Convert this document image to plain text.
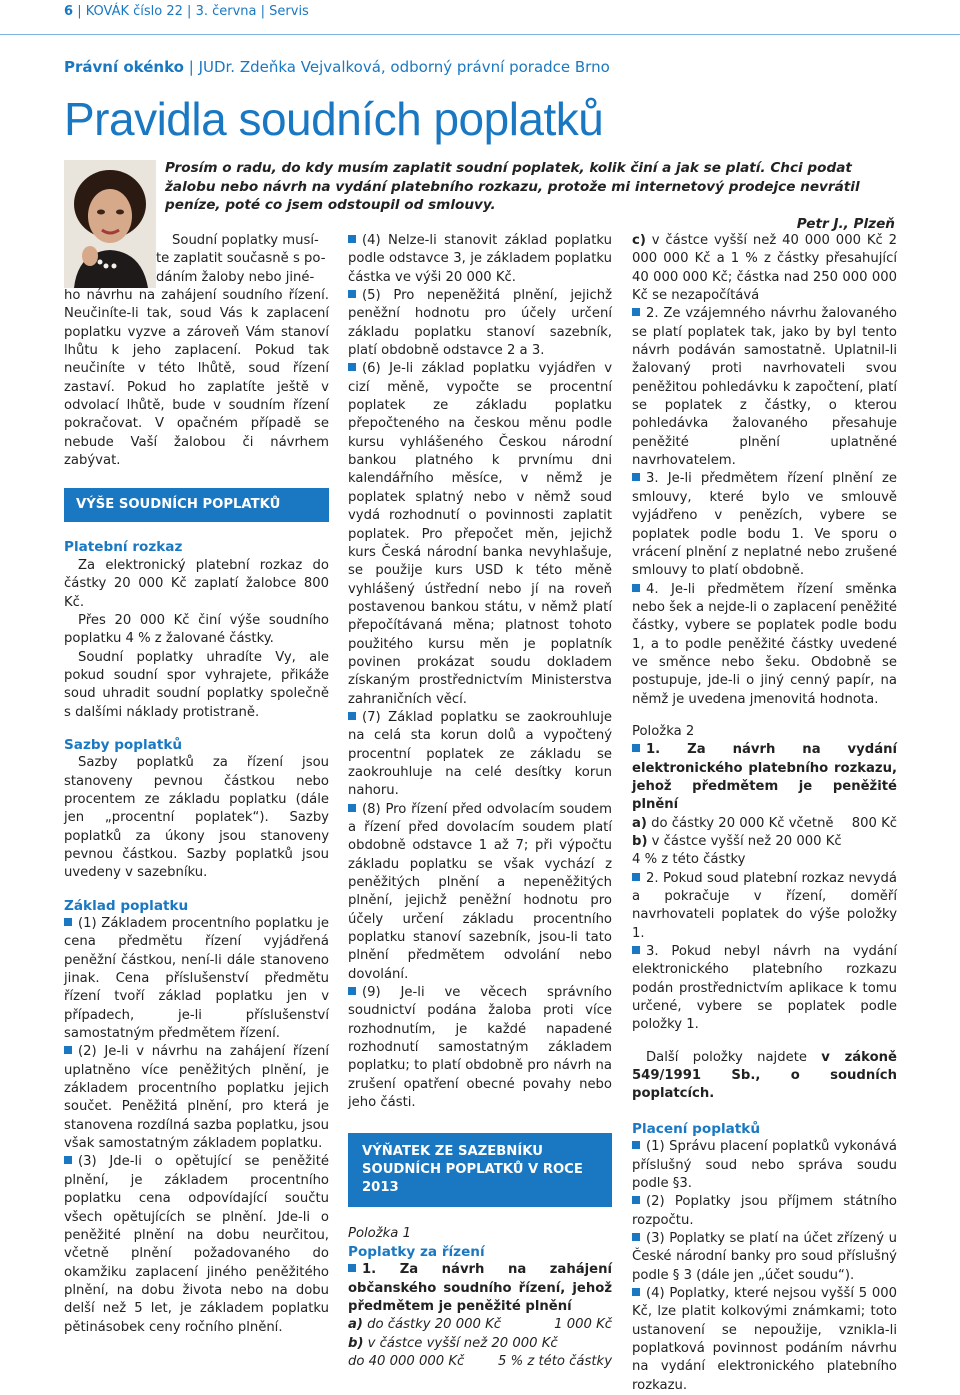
6 | KOVÁK číslo 22 | 3. června | Servis
Právní okénko | JUDr. Zdeňka Vejvalková, odborný právní poradce Brno
Pravidla soudních poplatků
Prosím o radu, do kdy musím zaplatit soudní poplatek, kolik činí a jak se platí. Chci podat žalobu nebo návrh na vydání platebního rozkazu, protože mi internetový prodejce nevrátil peníze, poté co jsem odstoupil od smlouvy.
Petr J., Plzeň

Soudní poplatky musí-

te zaplatit současně s po-

dáním žaloby nebo jiné-

ho návrhu na zahájení soudního řízení. Neučiníte-li tak, soud Vás k zaplacení poplatku vyzve a zároveň Vám stanoví lhůtu k jeho zaplacení. Pokud tak neučiníte v této lhůtě, soud řízení zastaví. Pokud ho zaplatíte ještě v odvolací lhůtě, bude v soudním řízení pokračovat. V opačném případě se nebude Vaší žalobou či návrhem zabývat.

VÝŠE SOUDNÍCH POPLATKŮ

Platební rozkaz

Za elektronický platební rozkaz do částky 20 000 Kč zaplatí žalobce 800 Kč.

Přes 20 000 Kč činí výše soudního poplatku 4 % z žalované částky.

Soudní poplatky uhradíte Vy, ale pokud soudní spor vyhrajete, přikáže soud uhradit soudní poplatky společně s dalšími náklady protistraně.

Sazby poplatků

Sazby poplatků za řízení jsou stanoveny pevnou částkou nebo procentem ze základu poplatku (dále jen „procentní poplatek“). Sazby poplatků za úkony jsou stanoveny pevnou částkou. Sazby poplatků jsou uvedeny v sazebníku.

Základ poplatku

(1) Základem procentního poplatku je cena předmětu řízení vyjádřená peněžní částkou, není-li dále stanoveno jinak. Cena příslušenství předmětu řízení tvoří základ poplatku jen v případech, je-li příslušenství samostatným předmětem řízení.

(2) Je-li v návrhu na zahájení řízení uplatněno více peněžitých plnění, je základem procentního poplatku jejich součet. Peněžitá plnění, pro která je stanovena rozdílná sazba poplatku, jsou však samostatným základem poplatku.

(3) Jde-li o opětující se peněžité plnění, je základem procentního poplatku cena odpovídající součtu všech opětujících se plnění. Jde-li o peněžité plnění na dobu neurčitou, včetně plnění požadovaného do okamžiku zaplacení jiného peněžitého plnění, na dobu života nebo na dobu delší než 5 let, je základem poplatku pětinásobek ceny ročního plnění.

(4) Nelze-li stanovit základ poplatku podle odstavce 3, je základem poplatku částka ve výši 20 000 Kč.

(5) Pro nepeněžitá plnění, jejichž peněžní hodnotu pro účely určení základu poplatku stanoví sazebník, platí obdobně odstavce 2 a 3.

(6) Je-li základ poplatku vyjádřen v cizí měně, vypočte se procentní poplatek ze základu poplatku přepočteného na českou měnu podle kursu vyhlášeného Českou národní bankou platného k prvnímu dni kalendářního měsíce, v němž je poplatek splatný nebo v němž soud vydá rozhodnutí o povinnosti zaplatit poplatek. Pro přepočet měn, jejichž kurs Česká národní banka nevyhlašuje, se použije kurs USD k této měně vyhlášený ústřední nebo jí na roveň postavenou bankou státu, v němž platí přepočítávaná měna; platnost tohoto použitého kursu měn je poplatník povinen prokázat soudu dokladem získaným prostřednictvím Ministerstva zahraničních věcí.

(7) Základ poplatku se zaokrouhluje na celá sta korun dolů a vypočtený procentní poplatek ze základu se zaokrouhluje na celé desítky korun nahoru.

(8) Pro řízení před odvolacím soudem a řízení před dovolacím soudem platí obdobně odstavce 1 až 7; při výpočtu základu poplatku se však vychází z peněžitých plnění a nepeněžitých plnění, jejichž peněžní hodnotu pro účely určení základu procentního poplatku stanoví sazebník, jsou-li tato plnění předmětem odvolání nebo dovolání.

(9) Je-li ve věcech správního soudnictví podána žaloba proti více rozhodnutím, je každé napadené rozhodnutí samostatným základem poplatku; to platí obdobně pro návrh na zrušení opatření obecné povahy nebo jeho části.

VÝŇATEK ZE SAZEBNÍKU SOUDNÍCH POPLATKŮ V ROCE 2013

Položka 1

Poplatky za řízení

1. Za návrh na zahájení občanského soudního řízení, jehož předmětem je peněžité plnění

a) do částky 20 000 Kč	1 000 Kč

b) v částce vyšší než 20 000 Kč

do 40 000 000 Kč	5 % z této částky

c) v částce vyšší než 40 000 000 Kč 2 000 000 Kč a 1 % z částky přesahující 40 000 000 Kč; částka nad 250 000 000 Kč se nezapočítává

2. Ze vzájemného návrhu žalovaného se platí poplatek tak, jako by byl tento návrh podáván samostatně. Uplatnil-li žalovaný proti navrhovateli svou peněžitou pohledávku k započtení, platí se poplatek z částky, o kterou pohledávka žalovaného přesahuje peněžité plnění uplatněné navrhovatelem.

3. Je-li předmětem řízení plnění ze smlouvy, které bylo ve smlouvě vyjádřeno v penězích, vybere se poplatek podle bodu 1. Ve sporu o vrácení plnění z neplatné nebo zrušené smlouvy to platí obdobně.

4. Je-li předmětem řízení směnka nebo šek a nejde-li o zaplacení peněžité částky, vybere se poplatek podle bodu 1, a to podle peněžité částky uvedené ve směnce nebo šeku. Obdobně se postupuje, jde-li o jiný cenný papír, na němž je uvedena jmenovitá hodnota.

Položka 2

1. Za návrh na vydání elektronického platebního rozkazu, jehož předmětem je peněžité plnění

a) do částky 20 000 Kč včetně 800 Kč

b) v částce vyšší než 20 000 Kč

4 % z této částky

2. Pokud soud platební rozkaz nevydá a pokračuje v řízení, doměří navrhovateli poplatek do výše položky 1.

3. Pokud nebyl návrh na vydání elektronického platebního rozkazu podán prostřednictvím aplikace k tomu určené, vybere se poplatek podle položky 1.

Další položky najdete v zákoně 549/1991 Sb., o soudních poplatcích.

Placení poplatků

(1) Správu placení poplatků vykonává příslušný soud nebo správa soudu podle §3.

(2) Poplatky jsou příjmem státního rozpočtu.

(3) Poplatky se platí na účet zřízený u České národní banky pro soud příslušný podle § 3 (dále jen „účet soudu“).

(4) Poplatky, které nejsou vyšší 5 000 Kč, lze platit kolkovými známkami; toto ustanovení se nepoužije, vznikla-li poplatková povinnost podáním návrhu na vydání elektronického platebního rozkazu.
